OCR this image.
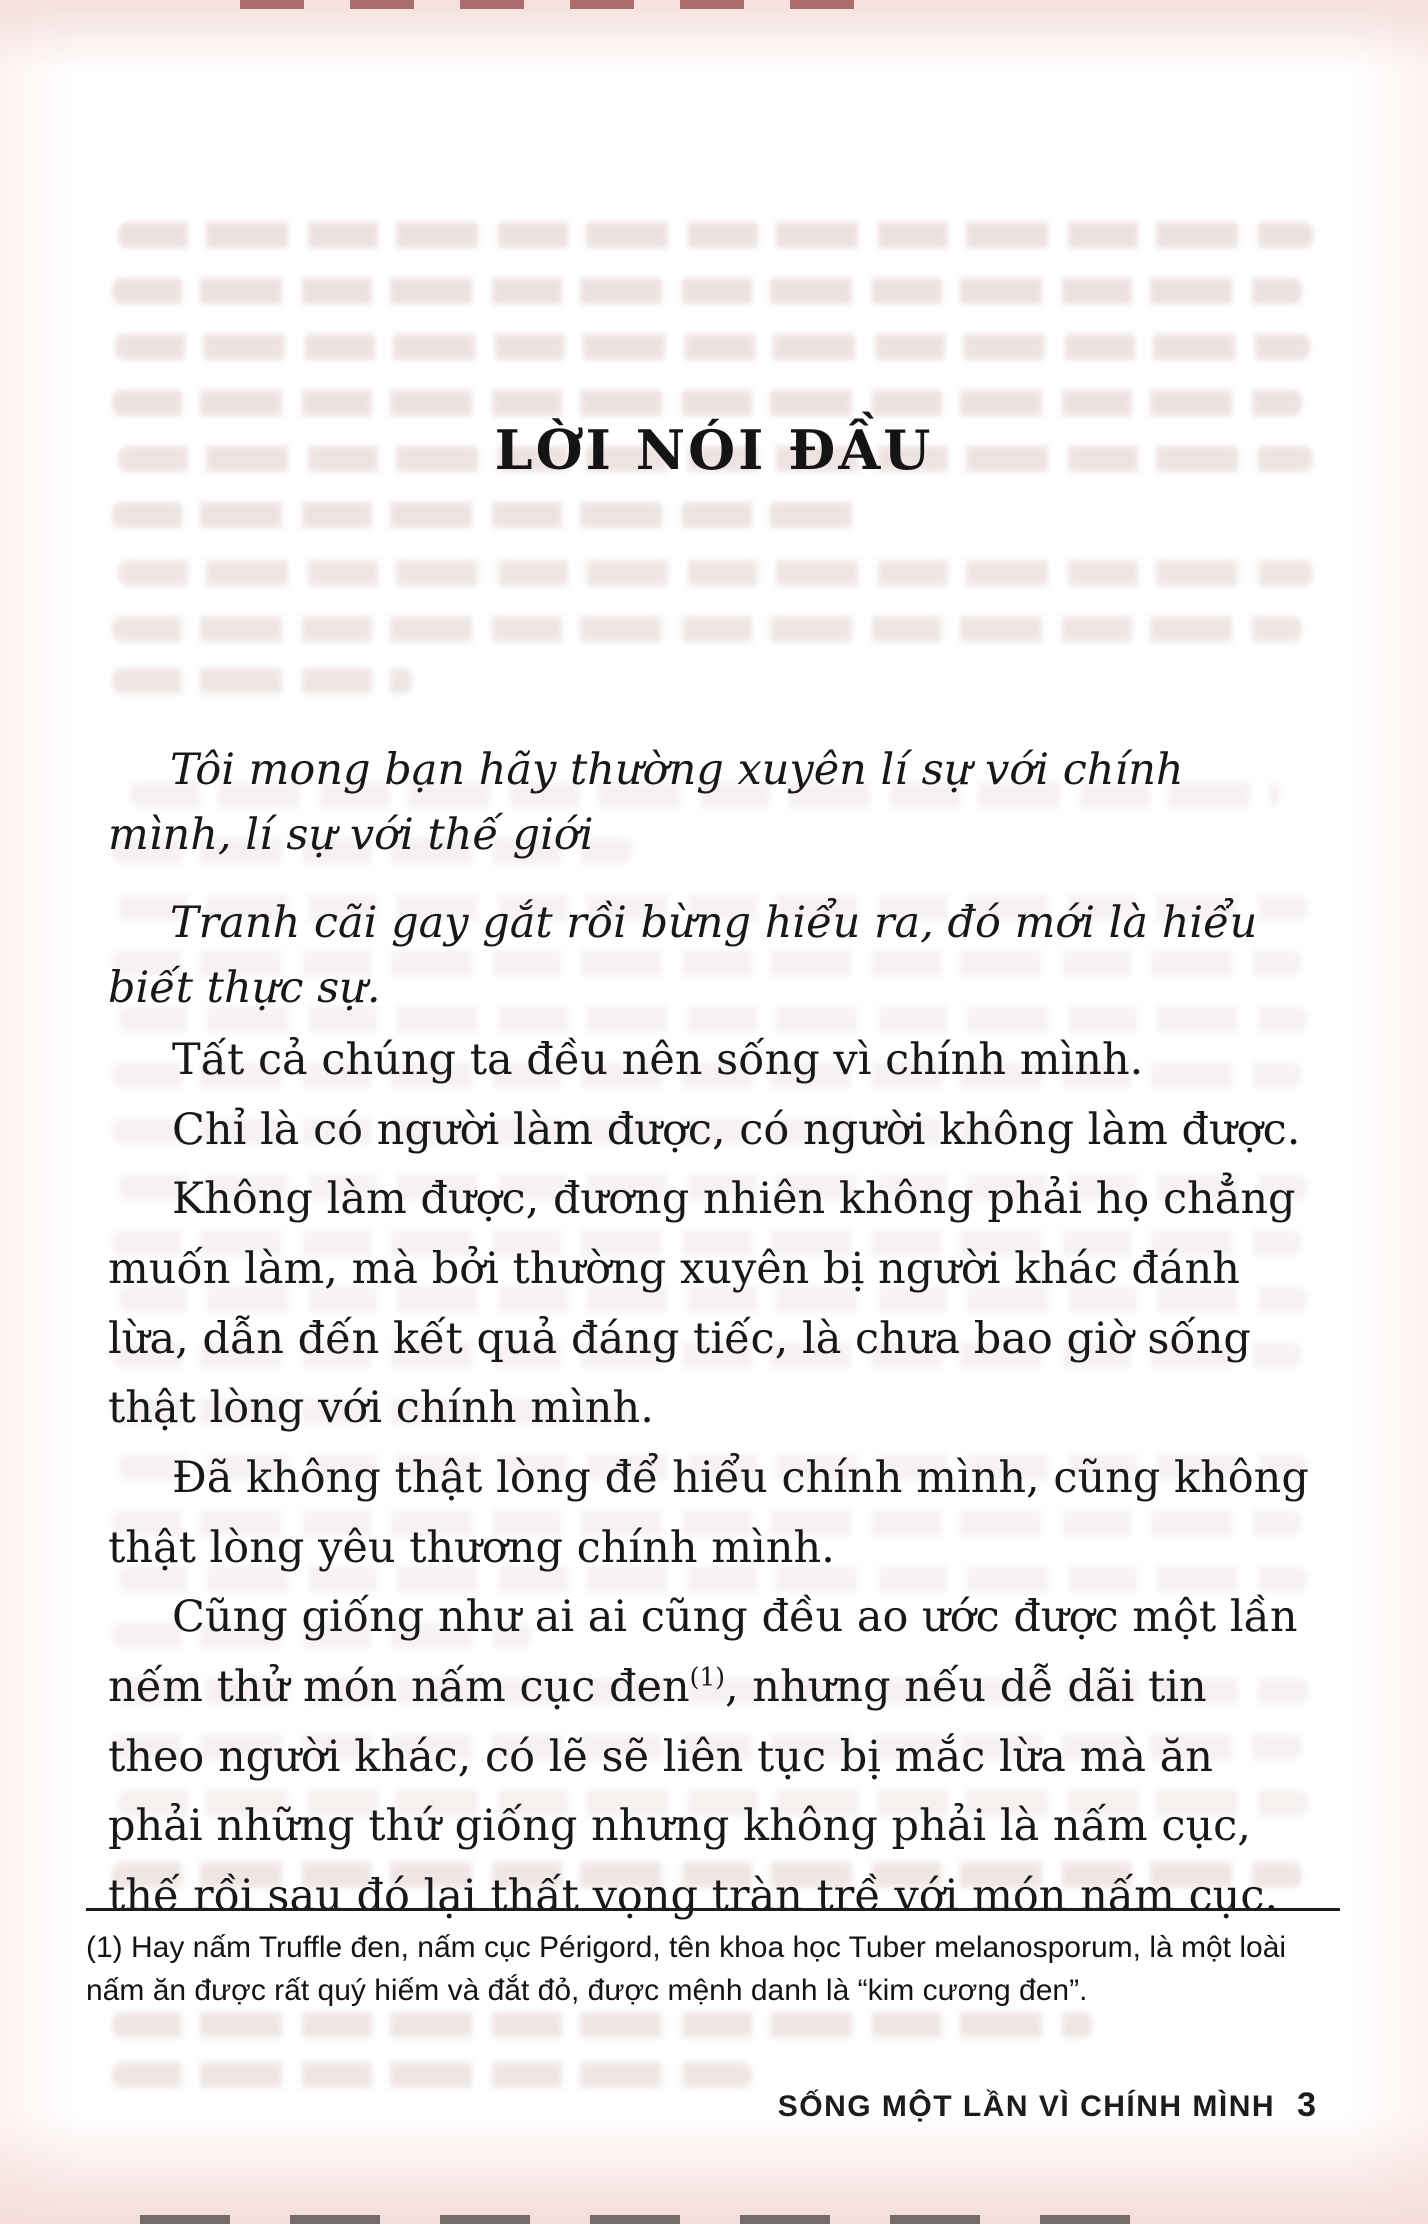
LỜI NÓI ĐẦU

Tôi mong bạn hãy thường xuyên lí sự với chính mình, lí sự với thế giới

Tranh cãi gay gắt rồi bừng hiểu ra, đó mới là hiểu biết thực sự.

Tất cả chúng ta đều nên sống vì chính mình.

Chỉ là có người làm được, có người không làm được.

Không làm được, đương nhiên không phải họ chẳng muốn làm, mà bởi thường xuyên bị người khác đánh lừa, dẫn đến kết quả đáng tiếc, là chưa bao giờ sống thật lòng với chính mình.

Đã không thật lòng để hiểu chính mình, cũng không thật lòng yêu thương chính mình.

Cũng giống như ai ai cũng đều ao ước được một lần nếm thử món nấm cục đen$^{(1)}$, nhưng nếu dễ dãi tin theo người khác, có lẽ sẽ liên tục bị mắc lừa mà ăn phải những thứ giống nhưng không phải là nấm cục, thế rồi sau đó lại thất vọng tràn trề với món nấm cục.

(1) Hay nấm Truffle đen, nấm cục Périgord, tên khoa học Tuber melanosporum, là một loài nấm ăn được rất quý hiếm và đắt đỏ, được mệnh danh là “kim cương đen”.
SỐNG MỘT LẦN VÌ CHÍNH MÌNH 3
